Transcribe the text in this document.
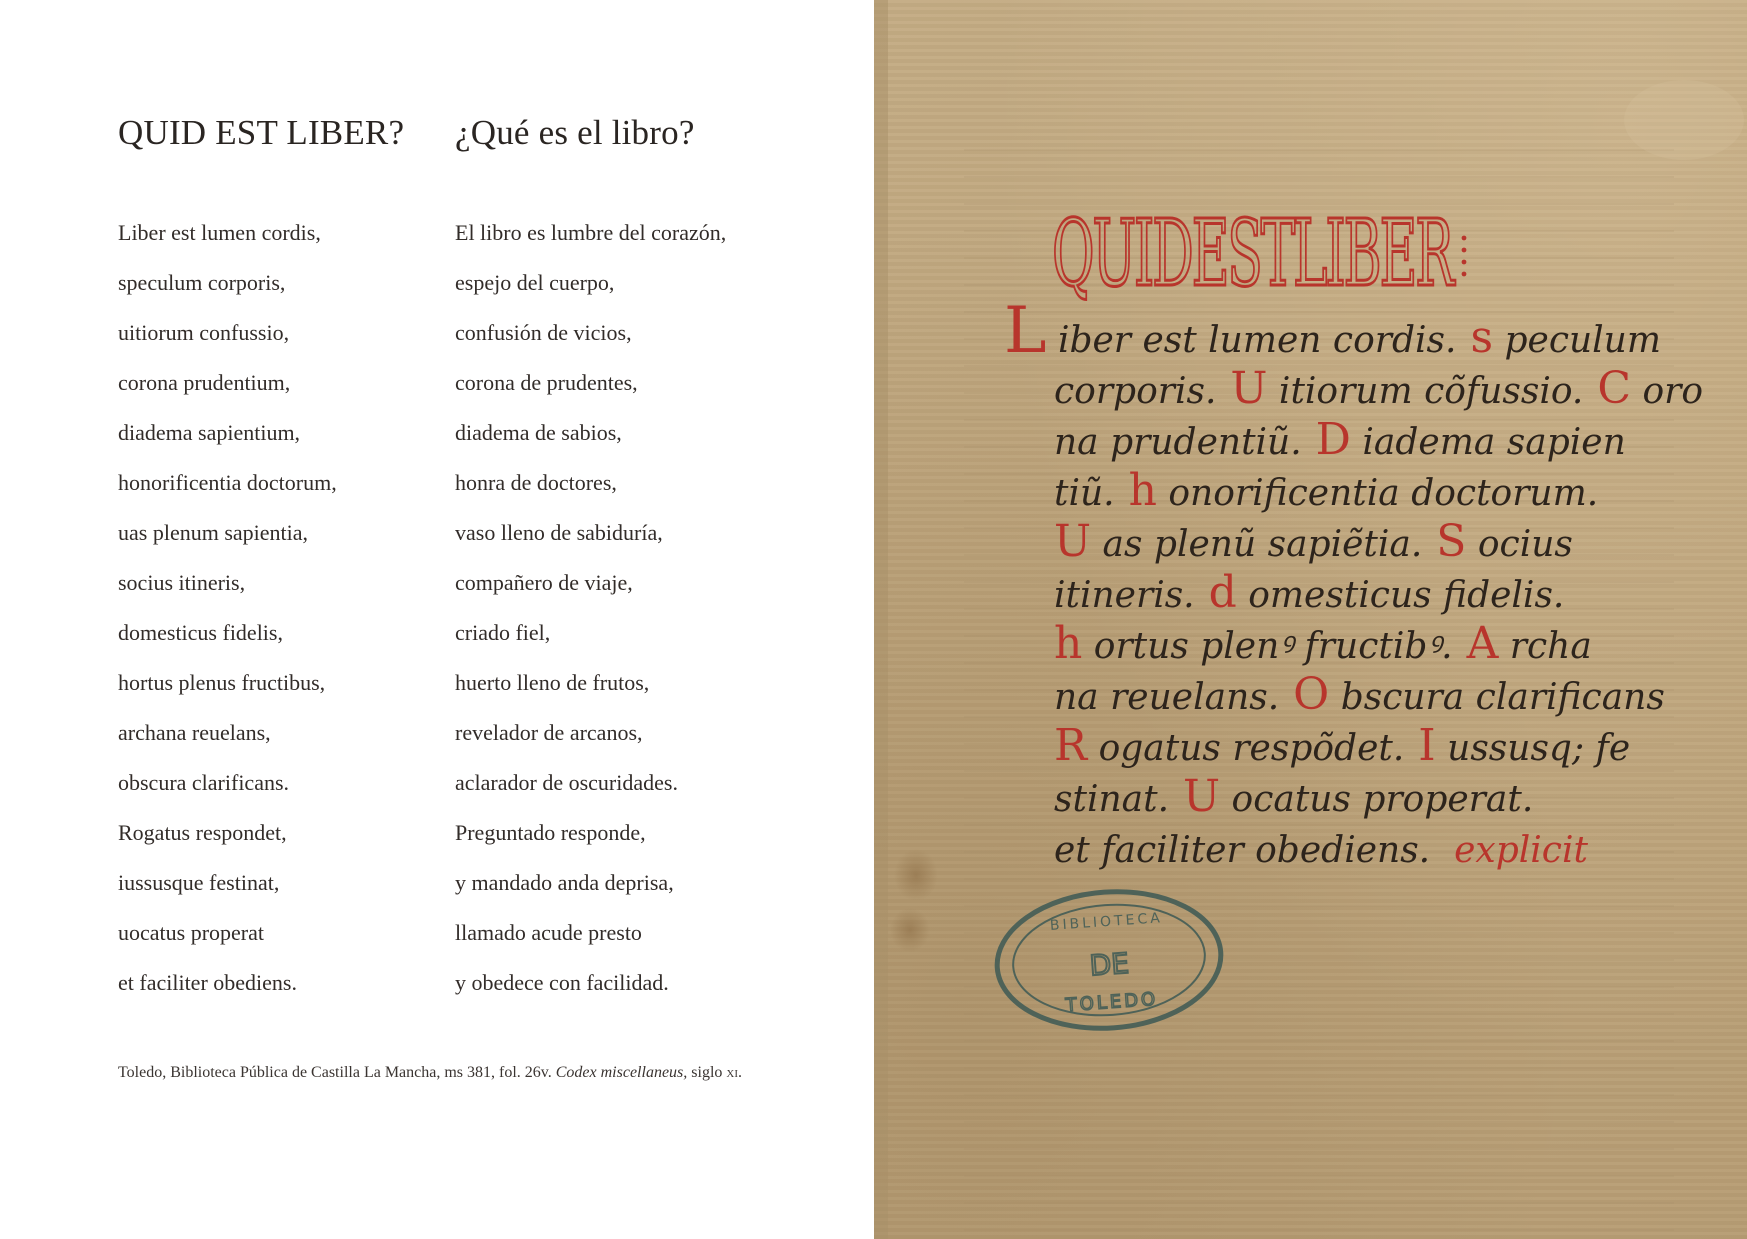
QUID EST LIBER?
Liber est lumen cordis,
speculum corporis,
uitiorum confussio,
corona prudentium,
diadema sapientium,
honorificentia doctorum,
uas plenum sapientia,
socius itineris,
domesticus fidelis,
hortus plenus fructibus,
archana reuelans,
obscura clarificans.
Rogatus respondet,
iussusque festinat,
uocatus properat
et faciliter obediens.
¿Qué es el libro?
El libro es lumbre del corazón,
espejo del cuerpo,
confusión de vicios,
corona de prudentes,
diadema de sabios,
honra de doctores,
vaso lleno de sabiduría,
compañero de viaje,
criado fiel,
huerto lleno de frutos,
revelador de arcanos,
aclarador de oscuridades.
Preguntado responde,
y mandado anda deprisa,
llamado acude presto
y obedece con facilidad.

Toledo, Biblioteca Pública de Castilla La Mancha, ms 381, fol. 26v. Codex miscellaneus, siglo xi.

QUIDESTLIBER
L iber est lumen cordis. s peculum
corporis. U itiorum cõfussio. C oro
na prudentiũ. D iadema sapien
tiũ. h onorificentia doctorum.
U as plenũ sapiẽtia. S ocius
itineris. d omesticus fidelis.
h ortus plenꝰ fructibꝰ. A rcha
na reuelans. O bscura clarificans
R ogatus respõdet. I ussusq; fe
stinat. U ocatus properat.
et faciliter obediens. explicit
BIBLIOTECA
DE
TOLEDO
